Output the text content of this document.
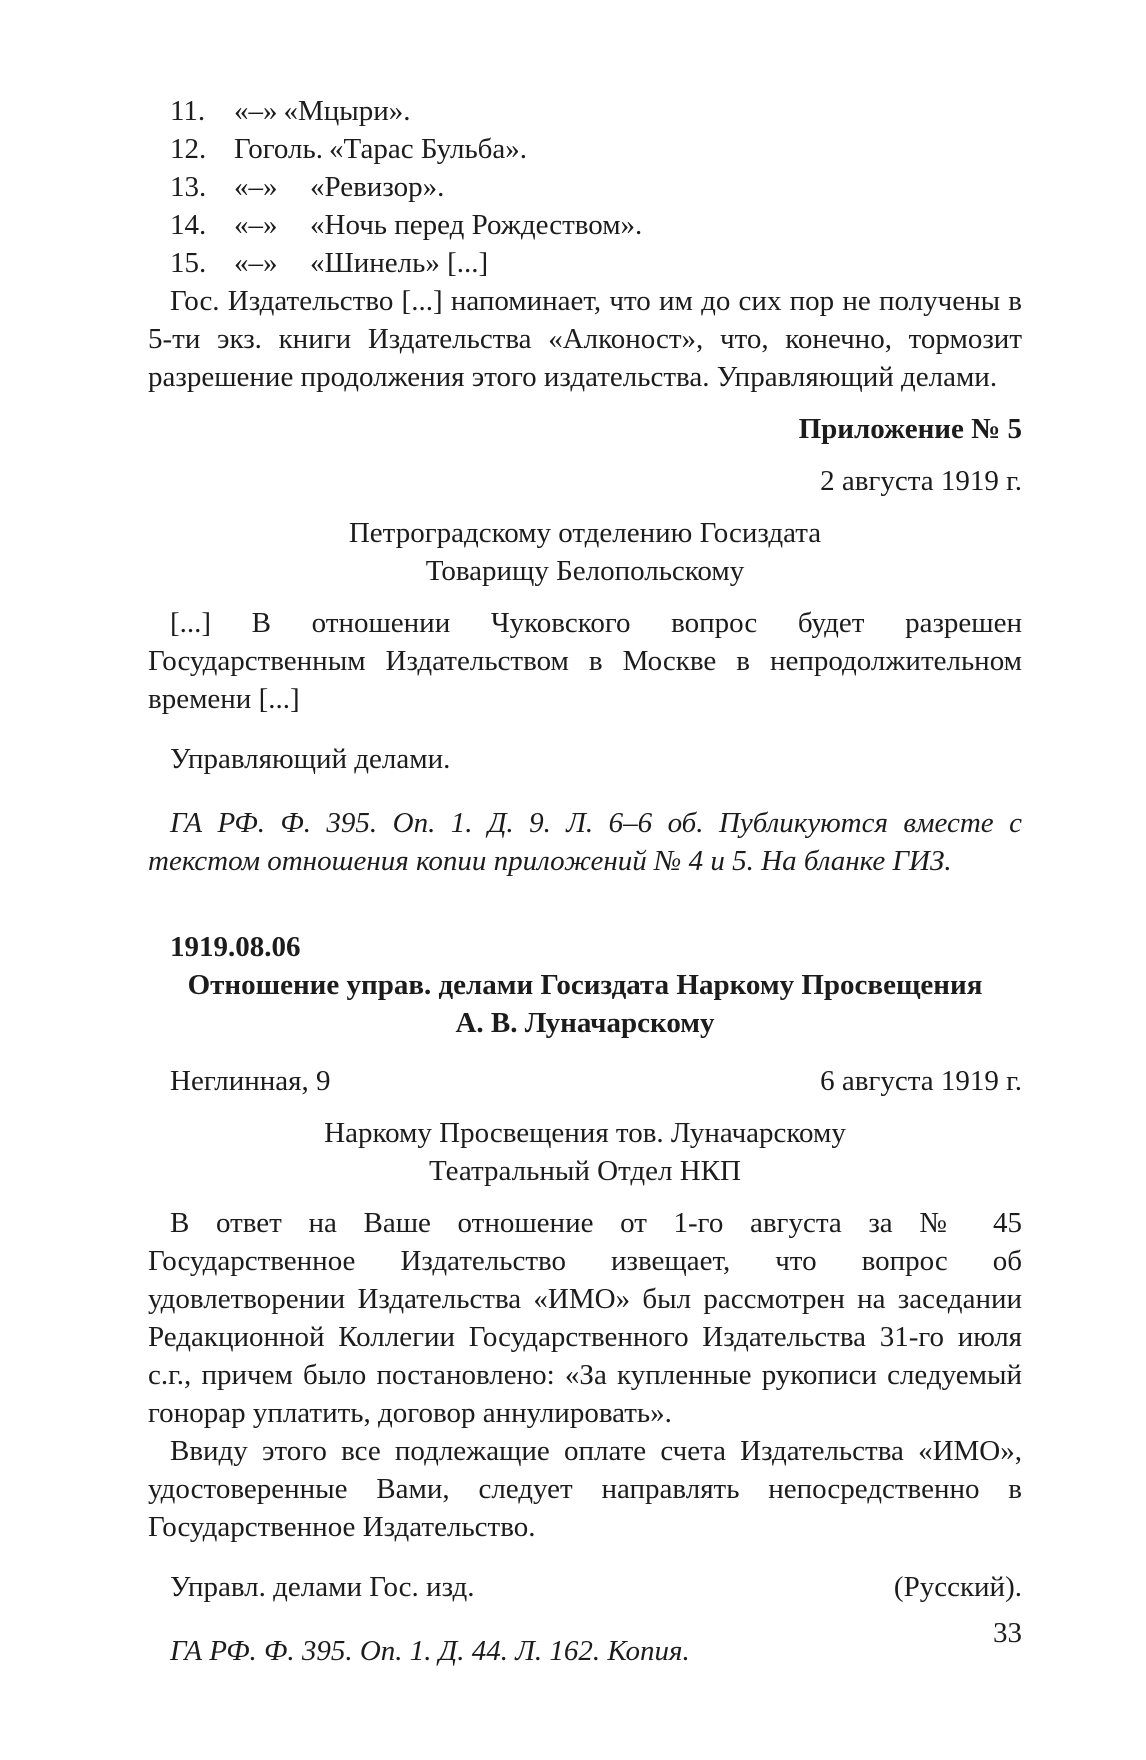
11. «–» «Мцыри».
12. Гоголь. «Тарас Бульба».
13. «–»	«Ревизор».
14. «–»	«Ночь перед Рождеством».
15. «–»	«Шинель» [...]

Гос. Издательство [...] напоминает, что им до сих пор не получены в 5-ти экз. книги Издательства «Алконост», что, конечно, тормозит разрешение продолжения этого издательства. Управляющий делами.

Приложение № 5
2 августа 1919 г.
Петроградскому отделению Госиздата
Товарищу Белопольскому

[...] В отношении Чуковского вопрос будет разрешен Государственным Издательством в Москве в непродолжительном времени [...]

Управляющий делами.

ГА РФ. Ф. 395. Оп. 1. Д. 9. Л. 6–6 об. Публикуются вместе с текстом отношения копии приложений № 4 и 5. На бланке ГИЗ.

1919.08.06
Отношение управ. делами Госиздата Наркому Просвещения
А. В. Луначарскому
Неглинная, 9	6 августа 1919 г.
Наркому Просвещения тов. Луначарскому
Театральный Отдел НКП

В ответ на Ваше отношение от 1-го августа за № 45 Государственное Издательство извещает, что вопрос об удовлетворении Издательства «ИМО» был рассмотрен на заседании Редакционной Коллегии Государственного Издательства 31-го июля с.г., причем было постановлено: «За купленные рукописи следуемый гонорар уплатить, договор аннулировать».

Ввиду этого все подлежащие оплате счета Издательства «ИМО», удостоверенные Вами, следует направлять непосредственно в Государственное Издательство.

Управл. делами Гос. изд.	(Русский).

ГА РФ. Ф. 395. Оп. 1. Д. 44. Л. 162. Копия.

33
